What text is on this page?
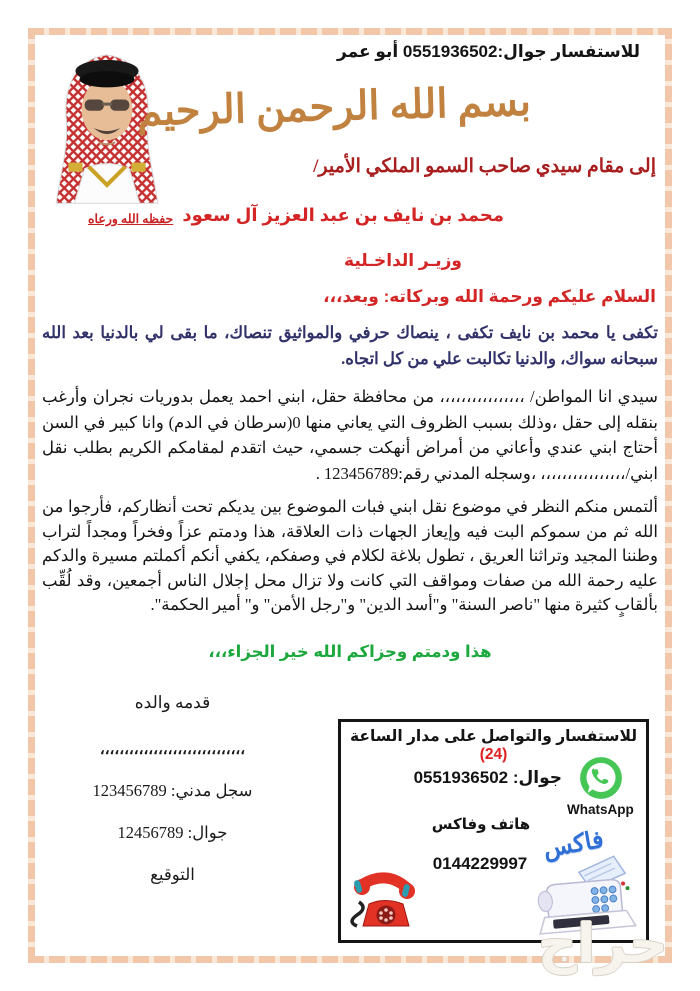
للاستفسار جوال:0551936502 أبو عمر
بسم الله الرحمن الرحيم
إلى مقام سيدي صاحب السمو الملكي الأمير/
محمد بن نايف بن عبد العزيز آل سعود
حفظه الله ورعاه
وزيـر الداخـلية
السلام عليكم ورحمة الله وبركاته: وبعد،،،
تكفى يا محمد بن نايف تكفى ، ينصاك حرفي والمواثيق تنصاك، ما بقى لي بالدنيا بعد الله سبحانه سواك، والدنيا تكالبت علي من كل اتجاه.
سيدي انا المواطن/ ،،،،،،،،،،،،،،،، من محافظة حقل، ابني احمد يعمل بدوريات نجران وأرغب بنقله إلى حقل ،وذلك بسبب الظروف التي يعاني منها 0(سرطان في الدم) وانا كبير في السن أحتاج ابني عندي وأعاني من أمراض أنهكت جسمي، حيث اتقدم لمقامكم الكريم بطلب نقل ابني/،،،،،،،،،،،،،،،، ،وسجله المدني رقم:123456789 .
ألتمس منكم النظر في موضوع نقل ابني فبات الموضوع بين يديكم تحت أنظاركم، فأرجوا من الله ثم من سموكم البت فيه وإيعاز الجهات ذات العلاقة، هذا ودمتم عزاً وفخراً ومجداً لتراب وطننا المجيد وتراثنا العريق ، تطول بلاغة لكلام في وصفكم، يكفي أنكم أكملتم مسيرة والدكم عليه رحمة الله من صفات ومواقف التي كانت ولا تزال محل إجلال الناس أجمعين، وقد لُقِّب بألقابٍ كثيرة منها "ناصر السنة" و"أسد الدين" و"رجل الأمن" و" أمير الحكمة".
هذا ودمتم وجزاكم الله خير الجزاء،،،
قدمه والده
،،،،،،،،،،،،،،،،،،،،،،،،،،،،،،
سجل مدني: 123456789
جوال: 12456789
التوقيع
للاستفسار والتواصل على مدار الساعة (24)
جوال: 0551936502
WhatsApp
هاتف وفاكس
فاكس
0144229997
حراج
